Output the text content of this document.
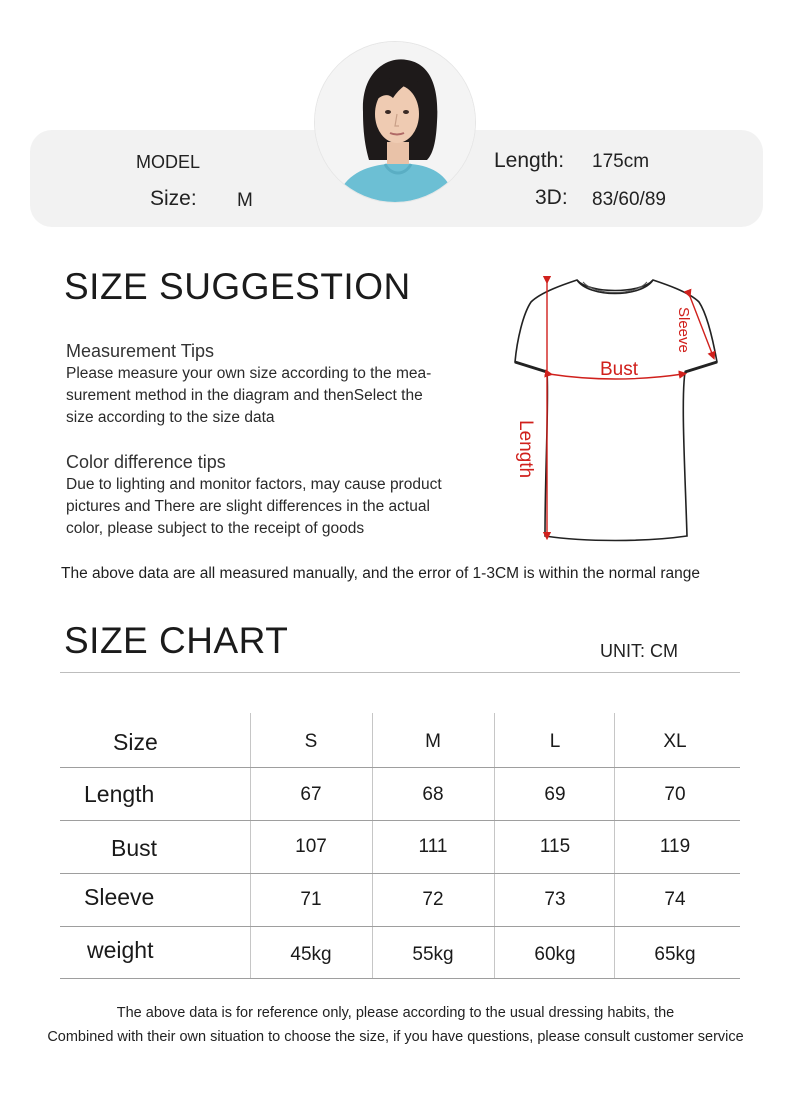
MODEL
Size: M
Length: 175cm
3D: 83/60/89
SIZE SUGGESTION
Measurement Tips
Please measure your own size according to the mea-
surement method in the diagram and thenSelect the
size according to the size data
Color difference tips
Due to lighting and monitor factors, may cause product
pictures and There are slight differences in the actual
color, please subject to the receipt of goods
Bust
Length
Sleeve
The above data are all measured manually, and the error of 1-3CM is within the normal range
SIZE CHART	UNIT: CM
Size	S	M	L	XL
Length	67	68	69	70
Bust	107	111	115	119
Sleeve	71	72	73	74
weight	45kg	55kg	60kg	65kg
The above data is for reference only, please according to the usual dressing habits, the
Combined with their own situation to choose the size, if you have questions, please consult customer service
